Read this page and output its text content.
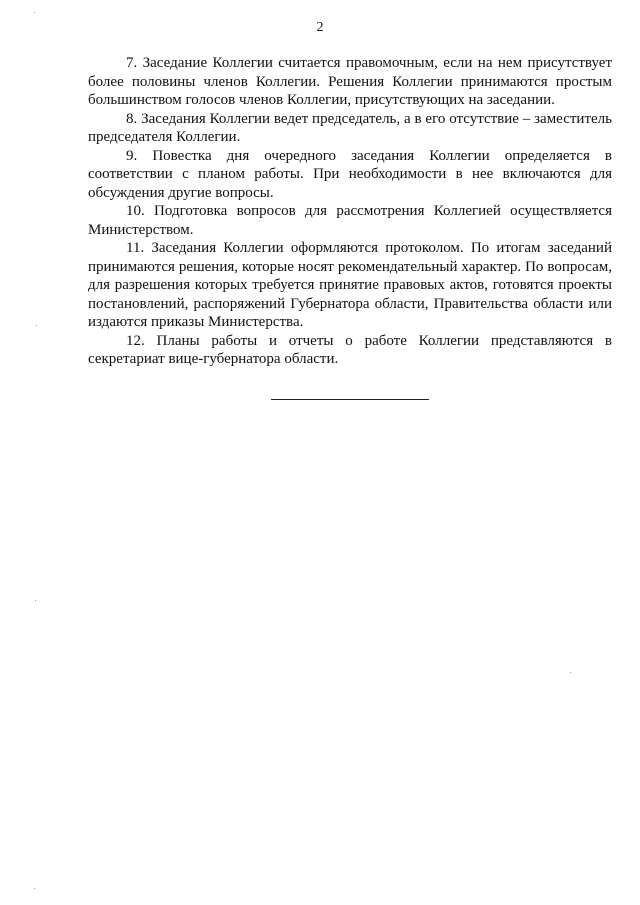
2

7. Заседание Коллегии считается правомочным, если на нем присутствует более половины членов Коллегии. Решения Коллегии принимаются простым большинством голосов членов Коллегии, присутствующих на заседании.

8. Заседания Коллегии ведет председатель, а в его отсутствие – заместитель председателя Коллегии.

9. Повестка дня очередного заседания Коллегии определяется в соответствии с планом работы. При необходимости в нее включаются для обсуждения другие вопросы.

10. Подготовка вопросов для рассмотрения Коллегией осуществляется Министерством.

11. Заседания Коллегии оформляются протоколом. По итогам заседаний принимаются решения, которые носят рекомендательный характер. По вопросам, для разрешения которых требуется принятие правовых актов, готовятся проекты постановлений, распоряжений Губернатора области, Правительства области или издаются приказы Министерства.

12. Планы работы и отчеты о работе Коллегии представляются в секретариат вице-губернатора области.
